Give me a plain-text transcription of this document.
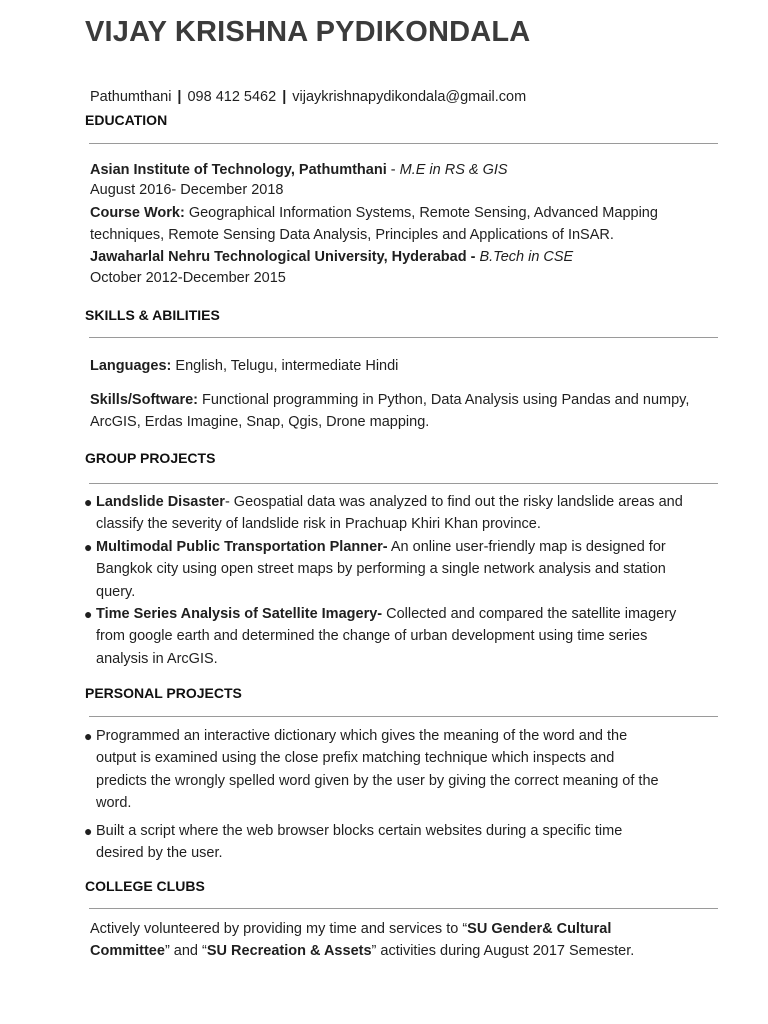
VIJAY KRISHNA PYDIKONDALA
Pathumthani | 098 412 5462 | vijaykrishnapydikondala@gmail.com
EDUCATION
Asian Institute of Technology, Pathumthani - M.E in RS & GIS
August 2016- December 2018
Course Work: Geographical Information Systems, Remote Sensing, Advanced Mapping techniques, Remote Sensing Data Analysis, Principles and Applications of InSAR.
Jawaharlal Nehru Technological University, Hyderabad - B.Tech in CSE
October 2012-December 2015
SKILLS & ABILITIES
Languages: English, Telugu, intermediate Hindi
Skills/Software: Functional programming in Python, Data Analysis using Pandas and numpy, ArcGIS, Erdas Imagine, Snap, Qgis, Drone mapping.
GROUP PROJECTS
● Landslide Disaster- Geospatial data was analyzed to find out the risky landslide areas and classify the severity of landslide risk in Prachuap Khiri Khan province.
● Multimodal Public Transportation Planner- An online user-friendly map is designed for Bangkok city using open street maps by performing a single network analysis and station query.
● Time Series Analysis of Satellite Imagery- Collected and compared the satellite imagery from google earth and determined the change of urban development using time series analysis in ArcGIS.
PERSONAL PROJECTS
● Programmed an interactive dictionary which gives the meaning of the word and the output is examined using the close prefix matching technique which inspects and predicts the wrongly spelled word given by the user by giving the correct meaning of the word.
● Built a script where the web browser blocks certain websites during a specific time desired by the user.
COLLEGE CLUBS
Actively volunteered by providing my time and services to “SU Gender& Cultural Committee” and “SU Recreation & Assets” activities during August 2017 Semester.
